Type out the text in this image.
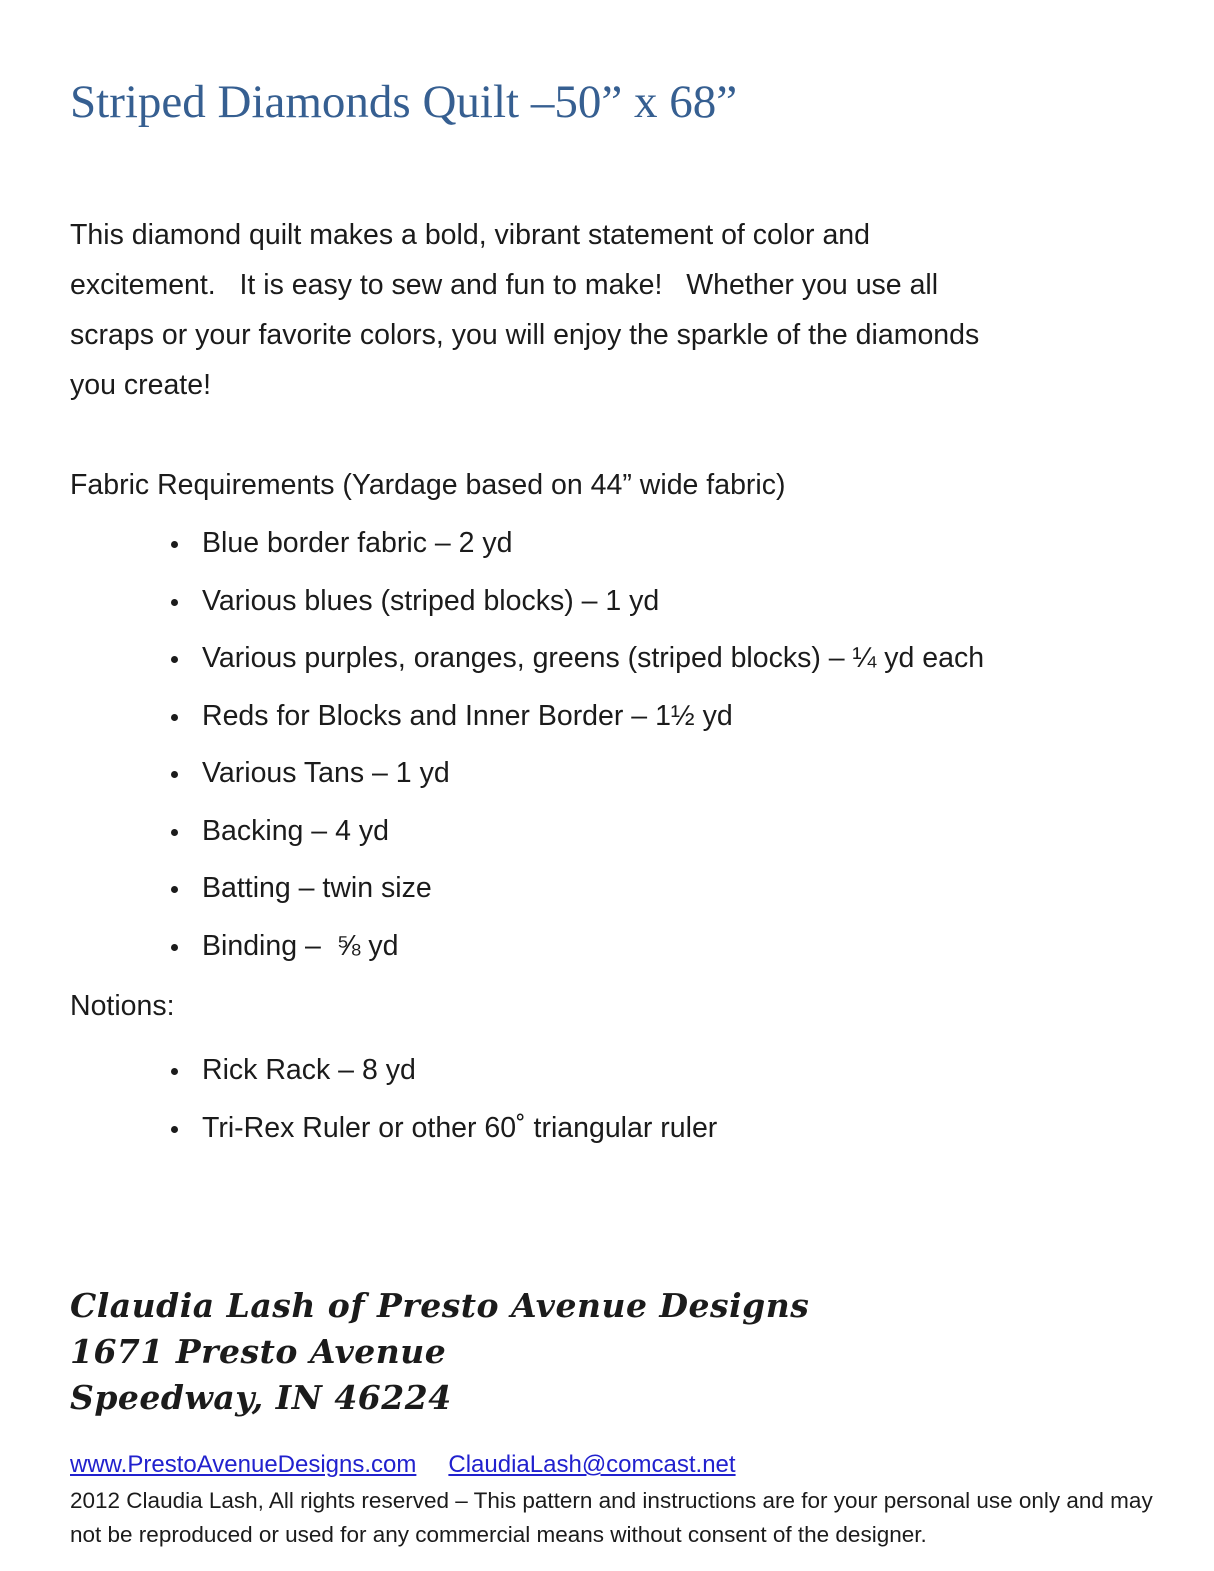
Striped Diamonds Quilt –50” x 68”
This diamond quilt makes a bold, vibrant statement of color and
excitement.   It is easy to sew and fun to make!   Whether you use all
scraps or your favorite colors, you will enjoy the sparkle of the diamonds
you create!
Fabric Requirements (Yardage based on 44” wide fabric)
• Blue border fabric – 2 yd
• Various blues (striped blocks) – 1 yd
• Various purples, oranges, greens (striped blocks) – ¼ yd each
• Reds for Blocks and Inner Border – 1½ yd
• Various Tans – 1 yd
• Backing – 4 yd
• Batting – twin size
• Binding –  ⅝ yd
Notions:
• Rick Rack – 8 yd
• Tri-Rex Ruler or other 60˚ triangular ruler
Claudia Lash of Presto Avenue Designs
1671 Presto Avenue
Speedway, IN 46224
www.PrestoAvenueDesigns.com ClaudiaLash@comcast.net
2012 Claudia Lash, All rights reserved – This pattern and instructions are for your personal use only and may
not be reproduced or used for any commercial means without consent of the designer.
